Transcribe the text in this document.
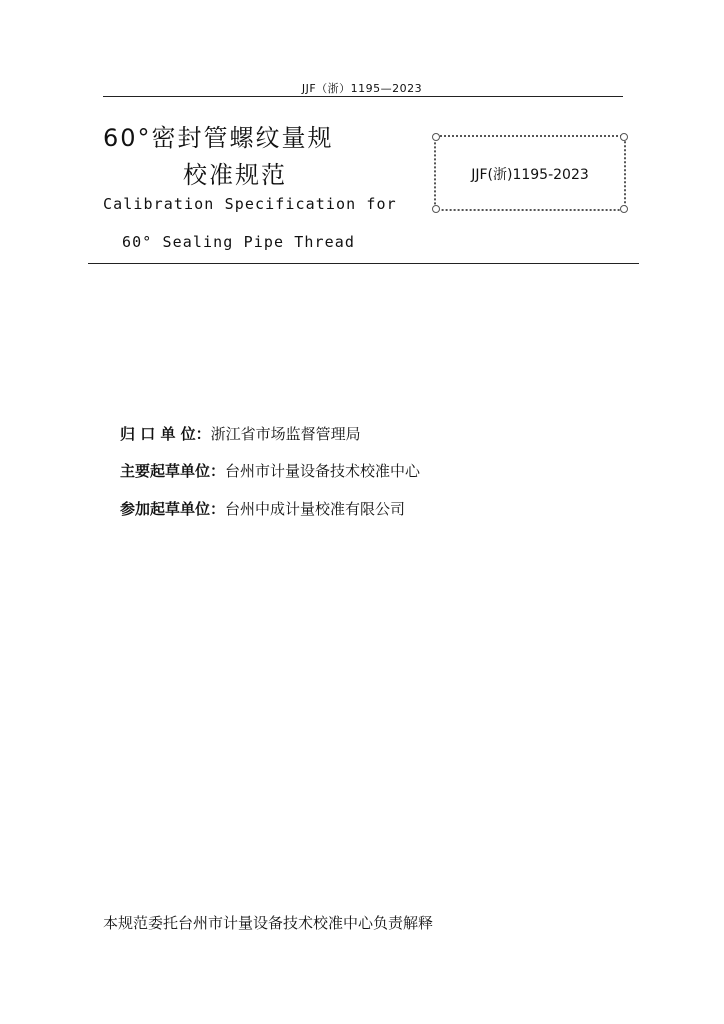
JJF（浙）1195—2023
60°密封管螺纹量规
校准规范
Calibration Specification for
60° Sealing Pipe Thread
JJF(浙)1195-2023
归 口 单 位：浙江省市场监督管理局
主要起草单位：台州市计量设备技术校准中心
参加起草单位：台州中成计量校准有限公司
本规范委托台州市计量设备技术校准中心负责解释
